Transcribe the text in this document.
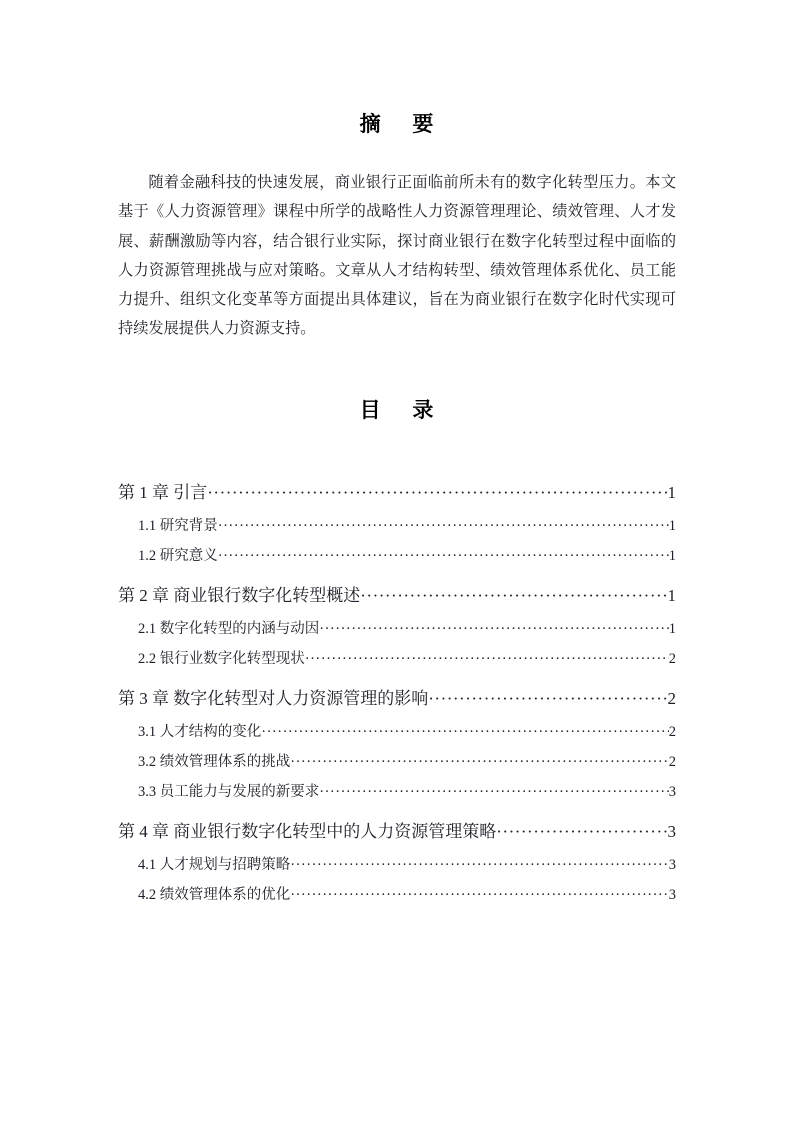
摘 要
随着金融科技的快速发展，商业银行正面临前所未有的数字化转型压力。本文基于《人力资源管理》课程中所学的战略性人力资源管理理论、绩效管理、人才发展、薪酬激励等内容，结合银行业实际，探讨商业银行在数字化转型过程中面临的人力资源管理挑战与应对策略。文章从人才结构转型、绩效管理体系优化、员工能力提升、组织文化变革等方面提出具体建议，旨在为商业银行在数字化时代实现可持续发展提供人力资源支持。
目 录
第 1 章 引言 ·····	1
1.1 研究背景 ·····	1
1.2 研究意义 ·····	1
第 2 章 商业银行数字化转型概述 ·····	1
2.1 数字化转型的内涵与动因 ·····	1
2.2 银行业数字化转型现状 ·····	2
第 3 章 数字化转型对人力资源管理的影响 ·····	2
3.1 人才结构的变化 ·····	2
3.2 绩效管理体系的挑战 ·····	2
3.3 员工能力与发展的新要求 ·····	3
第 4 章 商业银行数字化转型中的人力资源管理策略 ·····	3
4.1 人才规划与招聘策略 ·····	3
4.2 绩效管理体系的优化 ·····	3
